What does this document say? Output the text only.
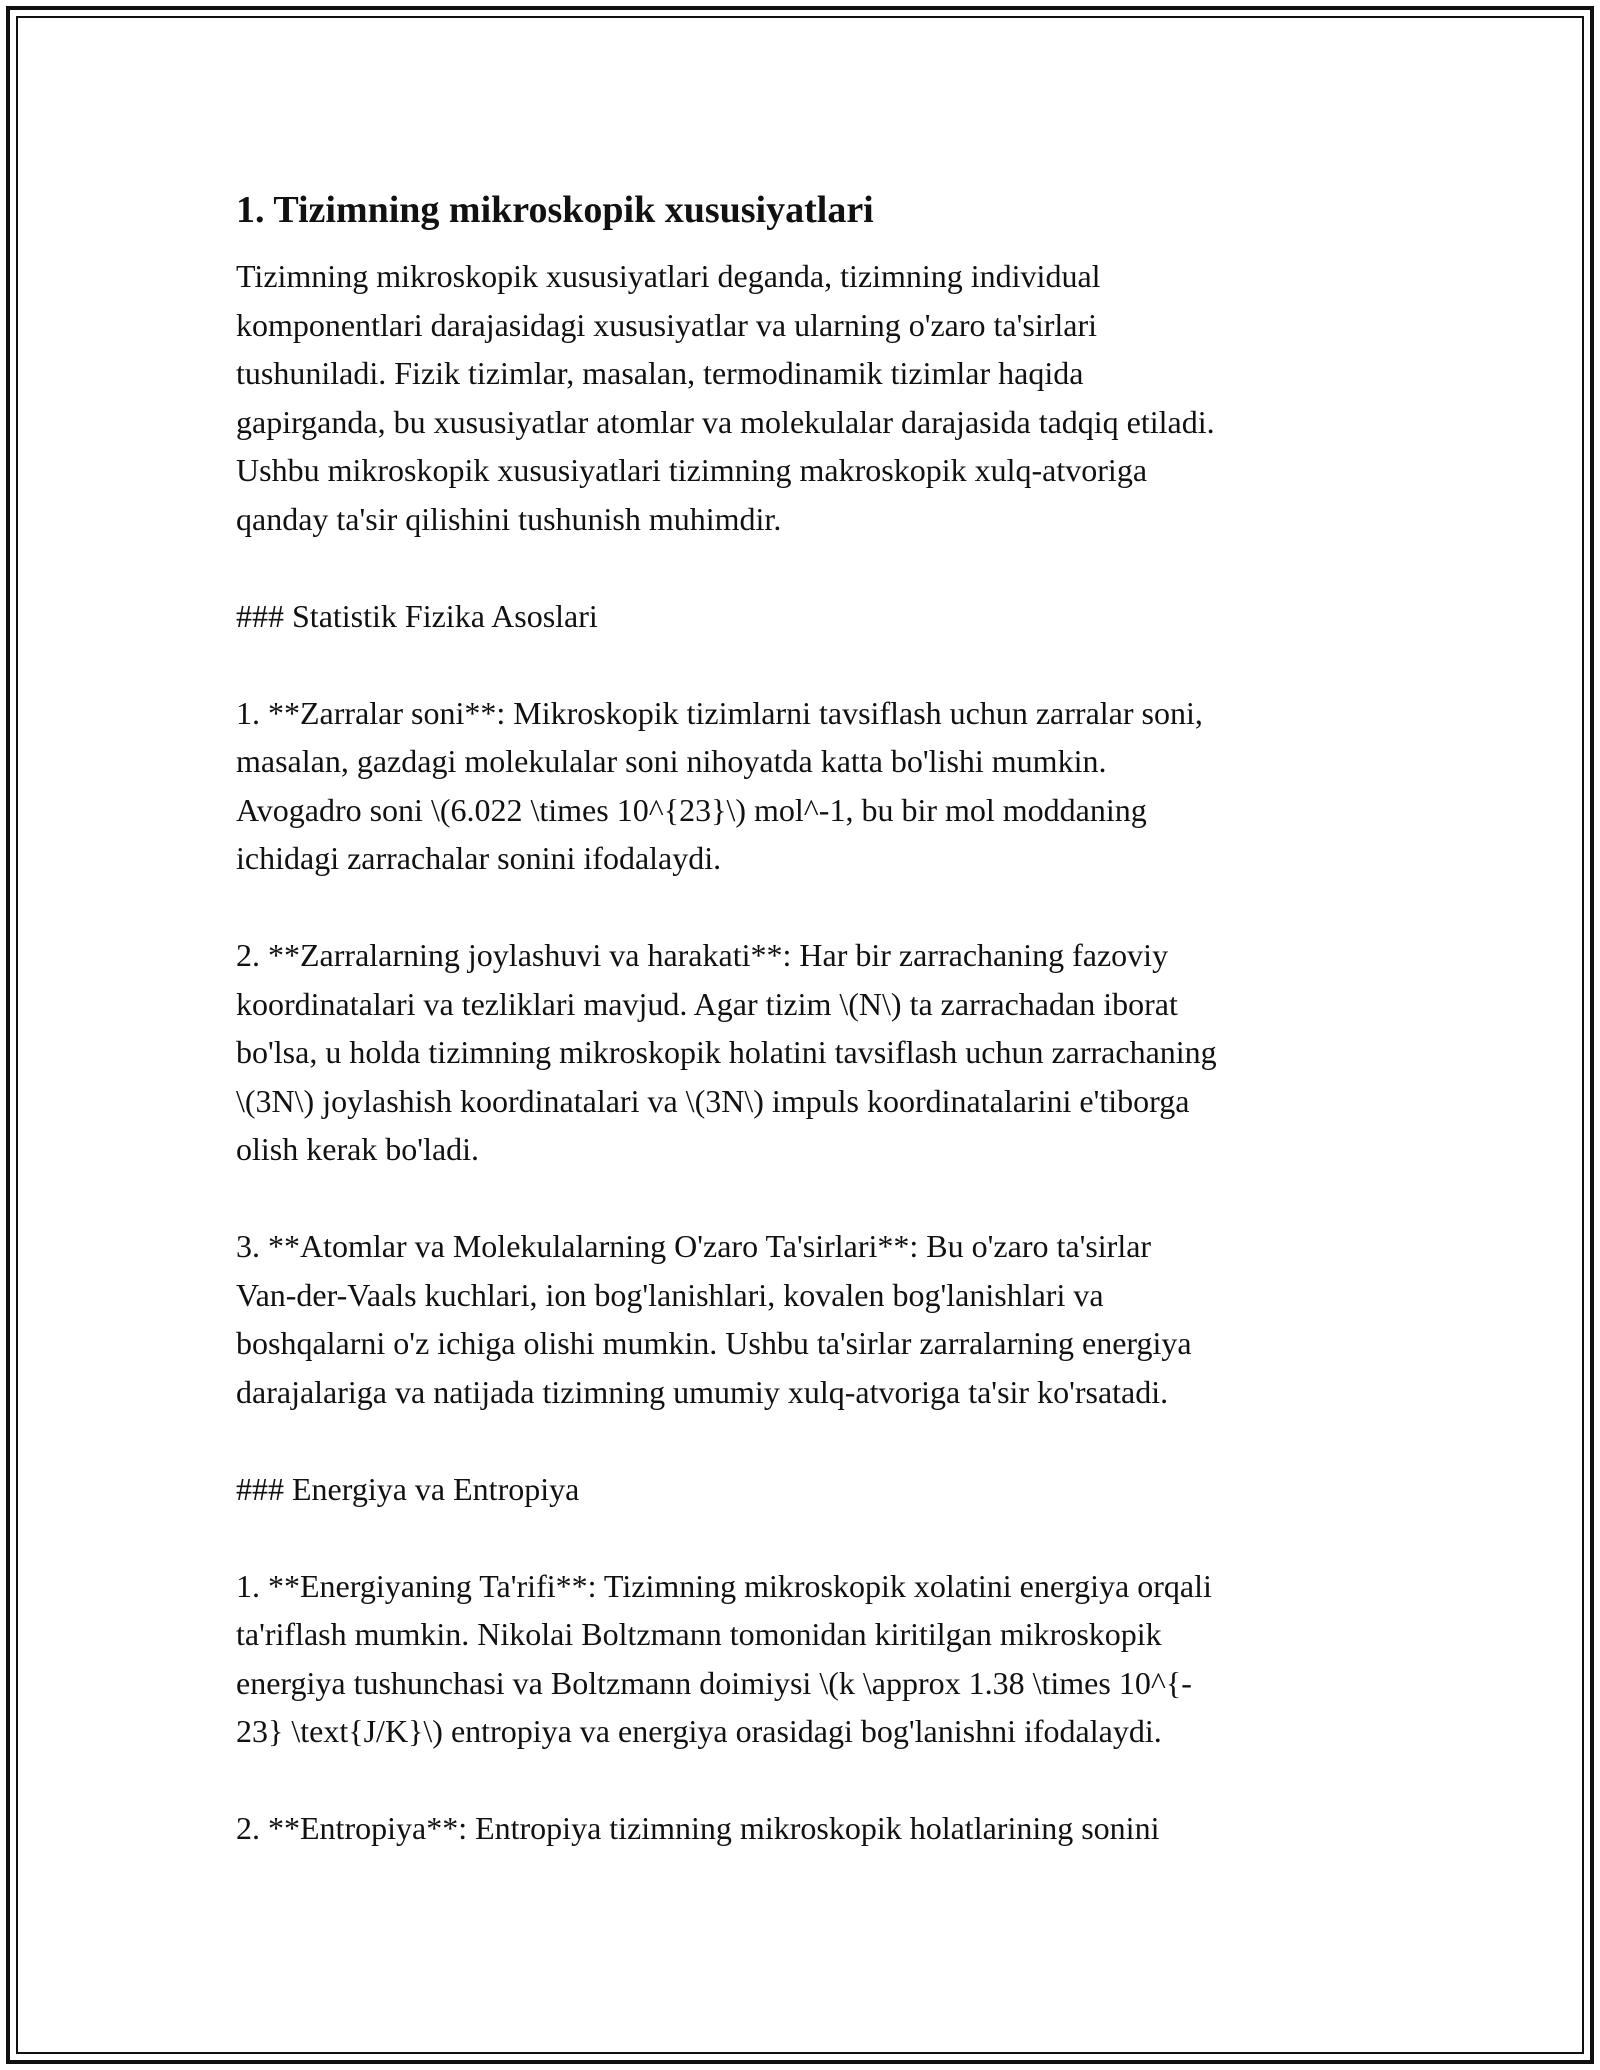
1. Tizimning mikroskopik xususiyatlari
Tizimning mikroskopik xususiyatlari deganda, tizimning individual
komponentlari darajasidagi xususiyatlar va ularning o'zaro ta'sirlari
tushuniladi. Fizik tizimlar, masalan, termodinamik tizimlar haqida
gapirganda, bu xususiyatlar atomlar va molekulalar darajasida tadqiq etiladi.
Ushbu mikroskopik xususiyatlari tizimning makroskopik xulq-atvoriga
qanday ta'sir qilishini tushunish muhimdir.
### Statistik Fizika Asoslari
1. **Zarralar soni**: Mikroskopik tizimlarni tavsiflash uchun zarralar soni,
masalan, gazdagi molekulalar soni nihoyatda katta bo'lishi mumkin.
Avogadro soni \(6.022 \times 10^{23}\) mol^-1, bu bir mol moddaning
ichidagi zarrachalar sonini ifodalaydi.
2. **Zarralarning joylashuvi va harakati**: Har bir zarrachaning fazoviy
koordinatalari va tezliklari mavjud. Agar tizim \(N\) ta zarrachadan iborat
bo'lsa, u holda tizimning mikroskopik holatini tavsiflash uchun zarrachaning
\(3N\) joylashish koordinatalari va \(3N\) impuls koordinatalarini e'tiborga
olish kerak bo'ladi.
3. **Atomlar va Molekulalarning O'zaro Ta'sirlari**: Bu o'zaro ta'sirlar
Van-der-Vaals kuchlari, ion bog'lanishlari, kovalen bog'lanishlari va
boshqalarni o'z ichiga olishi mumkin. Ushbu ta'sirlar zarralarning energiya
darajalariga va natijada tizimning umumiy xulq-atvoriga ta'sir ko'rsatadi.
### Energiya va Entropiya
1. **Energiyaning Ta'rifi**: Tizimning mikroskopik xolatini energiya orqali
ta'riflash mumkin. Nikolai Boltzmann tomonidan kiritilgan mikroskopik
energiya tushunchasi va Boltzmann doimiysi \(k \approx 1.38 \times 10^{-
23} \text{J/K}\) entropiya va energiya orasidagi bog'lanishni ifodalaydi.
2. **Entropiya**: Entropiya tizimning mikroskopik holatlarining sonini
